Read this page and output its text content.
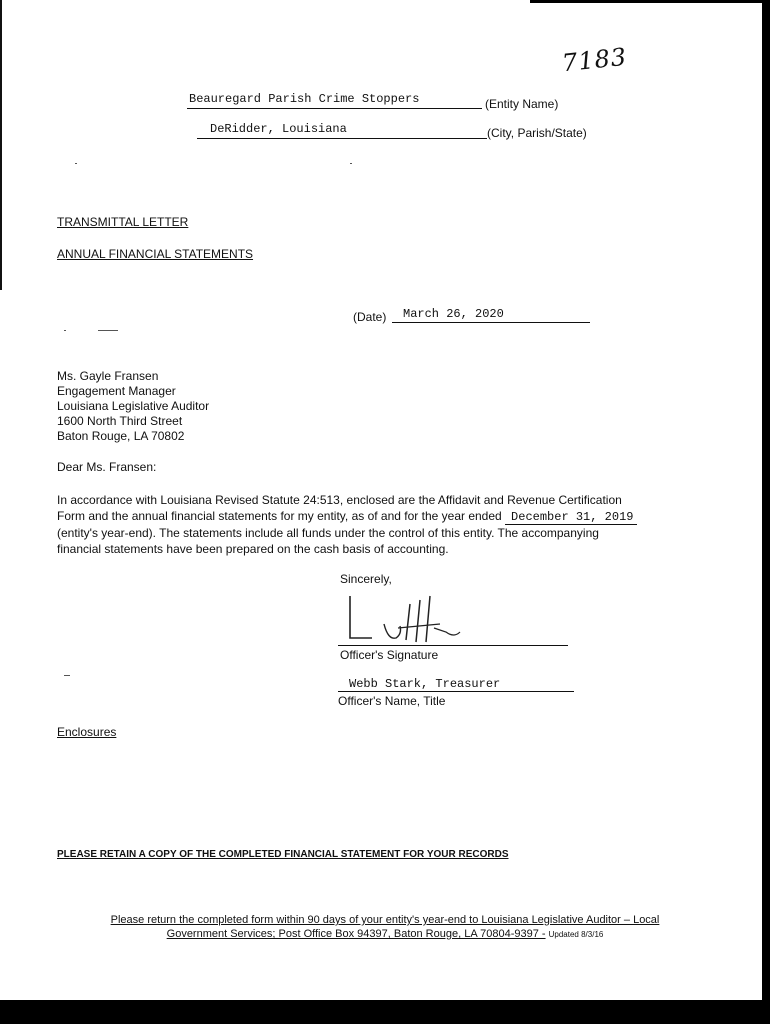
7183
Beauregard Parish Crime Stoppers	(Entity Name)
DeRidder, Louisiana	(City, Parish/State)
TRANSMITTAL LETTER
ANNUAL FINANCIAL STATEMENTS
(Date) March 26, 2020
Ms. Gayle Fransen
Engagement Manager
Louisiana Legislative Auditor
1600 North Third Street
Baton Rouge, LA 70802
Dear Ms. Fransen:
In accordance with Louisiana Revised Statute 24:513, enclosed are the Affidavit and Revenue Certification
Form and the annual financial statements for my entity, as of and for the year ended December 31, 2019
(entity's year-end). The statements include all funds under the control of this entity. The accompanying
financial statements have been prepared on the cash basis of accounting.
Sincerely,
Officer's Signature
Webb Stark, Treasurer
Officer's Name, Title
Enclosures
PLEASE RETAIN A COPY OF THE COMPLETED FINANCIAL STATEMENT FOR YOUR RECORDS
Please return the completed form within 90 days of your entity's year-end to Louisiana Legislative Auditor – Local
Government Services; Post Office Box 94397, Baton Rouge, LA 70804-9397 - Updated 8/3/16
